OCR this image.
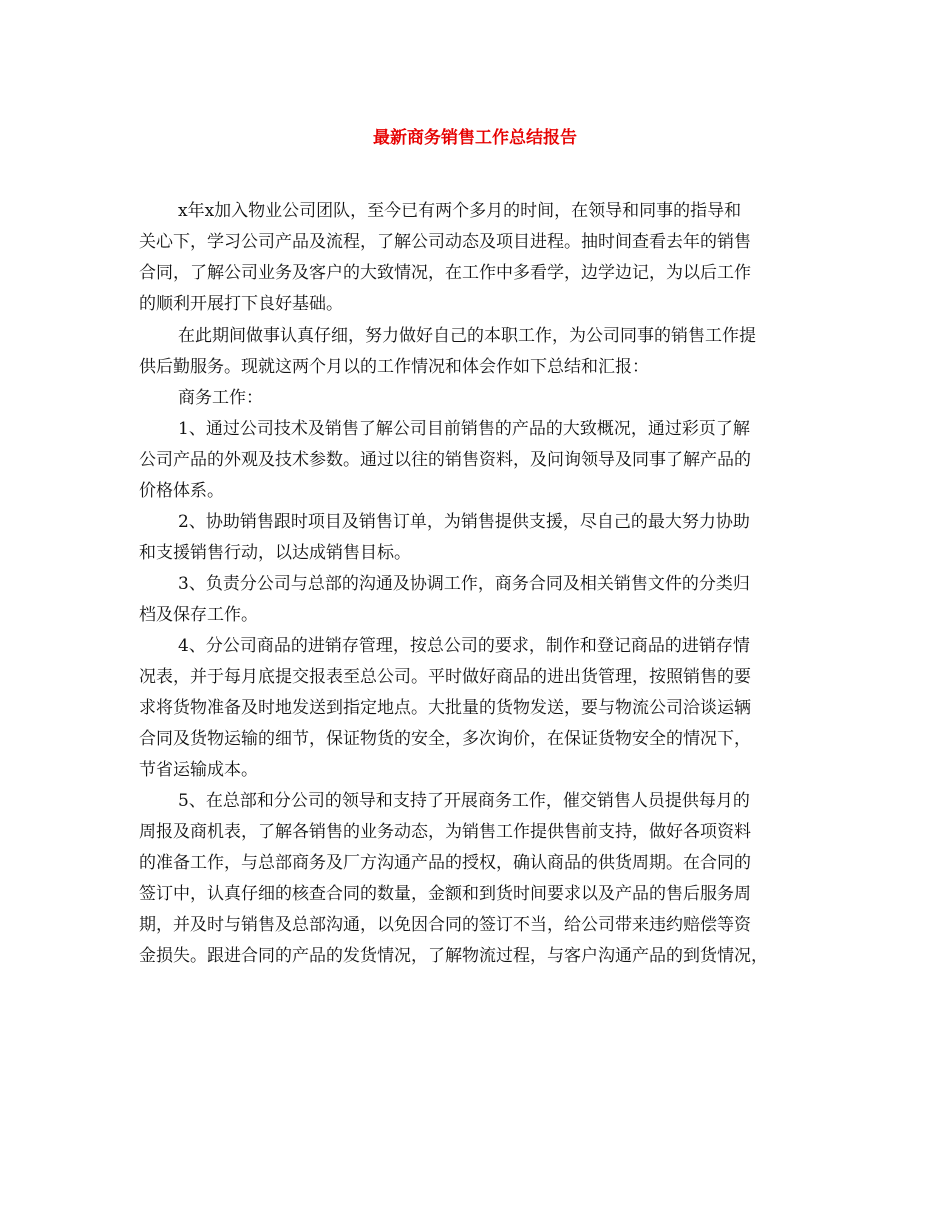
最新商务销售工作总结报告
x年x加入物业公司团队，至今已有两个多月的时间，在领导和同事的指导和
关心下，学习公司产品及流程，了解公司动态及项目进程。抽时间查看去年的销售
合同，了解公司业务及客户的大致情况，在工作中多看学，边学边记，为以后工作
的顺利开展打下良好基础。
在此期间做事认真仔细，努力做好自己的本职工作，为公司同事的销售工作提
供后勤服务。现就这两个月以的工作情况和体会作如下总结和汇报：
商务工作：
1、通过公司技术及销售了解公司目前销售的产品的大致概况，通过彩页了解
公司产品的外观及技术参数。通过以往的销售资料，及问询领导及同事了解产品的
价格体系。
2、协助销售跟时项目及销售订单，为销售提供支援，尽自己的最大努力协助
和支援销售行动，以达成销售目标。
3、负责分公司与总部的沟通及协调工作，商务合同及相关销售文件的分类归
档及保存工作。
4、分公司商品的进销存管理，按总公司的要求，制作和登记商品的进销存情
况表，并于每月底提交报表至总公司。平时做好商品的进出货管理，按照销售的要
求将货物准备及时地发送到指定地点。大批量的货物发送，要与物流公司洽谈运辆
合同及货物运输的细节，保证物货的安全，多次询价，在保证货物安全的情况下，
节省运输成本。
5、在总部和分公司的领导和支持了开展商务工作，催交销售人员提供每月的
周报及商机表，了解各销售的业务动态，为销售工作提供售前支持，做好各项资料
的准备工作，与总部商务及厂方沟通产品的授权，确认商品的供货周期。在合同的
签订中，认真仔细的核查合同的数量，金额和到货时间要求以及产品的售后服务周
期，并及时与销售及总部沟通，以免因合同的签订不当，给公司带来违约赔偿等资
金损失。跟进合同的产品的发货情况，了解物流过程，与客户沟通产品的到货情况，
